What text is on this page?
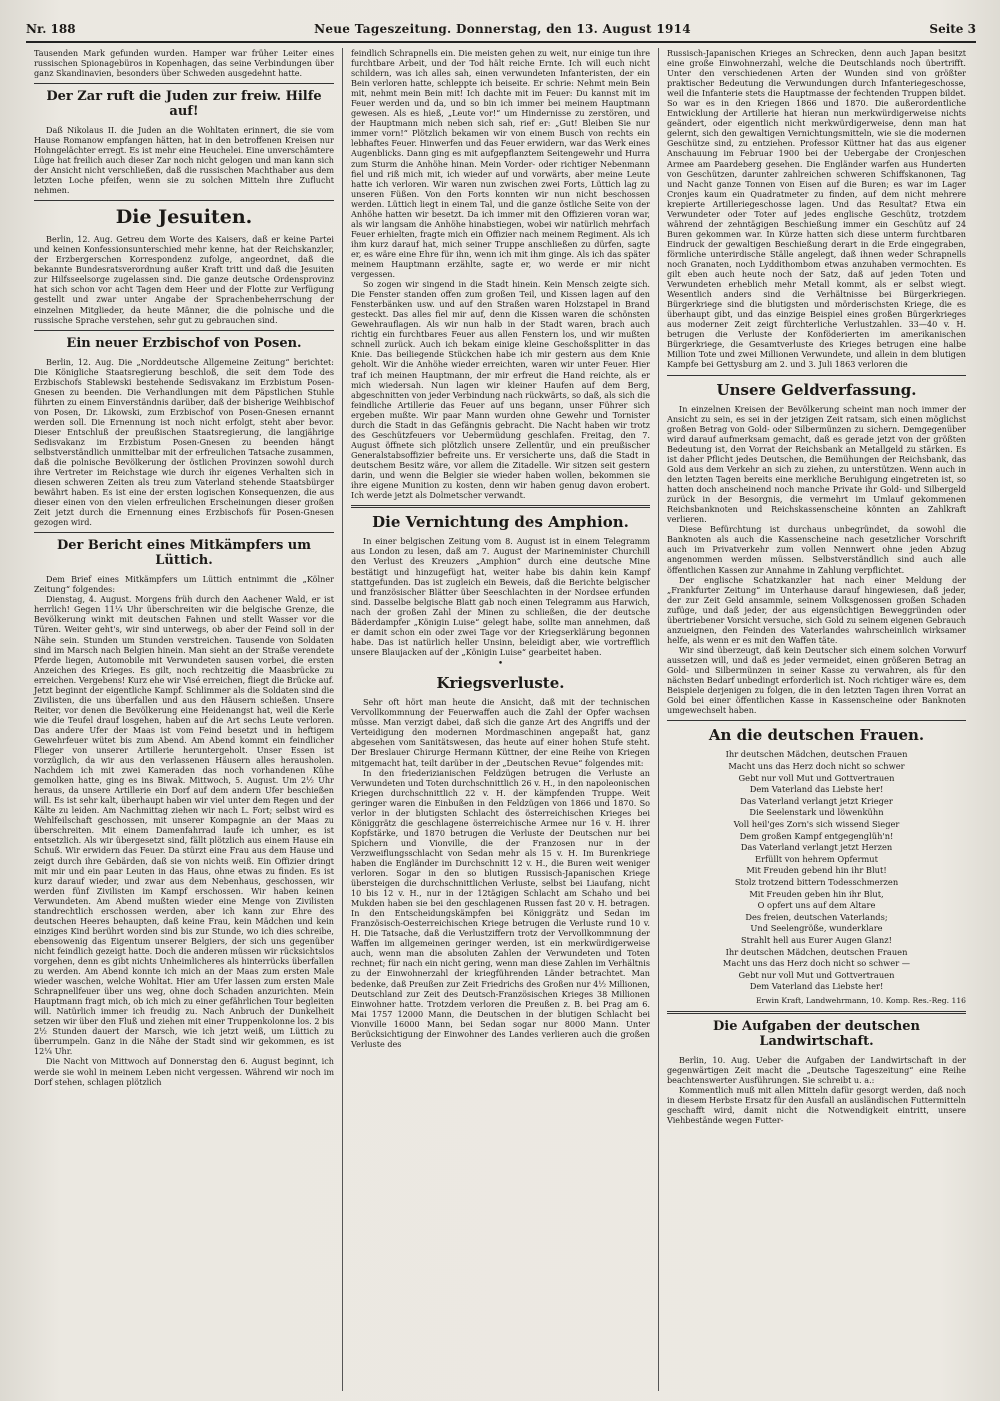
Nr. 188	Neue Tageszeitung. Donnerstag, den 13. August 1914	Seite 3

Tausenden Mark gefunden wurden. Hamper war früher Leiter eines russischen Spionagebüros in Kopenhagen, das seine Verbindungen über ganz Skandinavien, besonders über Schweden ausgedehnt hatte.

Der Zar ruft die Juden zur freiw. Hilfe auf!

Daß Nikolaus II. die Juden an die Wohltaten erinnert, die sie vom Hause Romanow empfangen hätten, hat in den betroffenen Kreisen nur Hohngelächter erregt. Es ist mehr eine Heuchelei. Eine unverschämtere Lüge hat freilich auch dieser Zar noch nicht gelogen und man kann sich der Ansicht nicht verschließen, daß die russischen Machthaber aus dem letzten Loche pfeifen, wenn sie zu solchen Mitteln ihre Zuflucht nehmen.

Die Jesuiten.

Berlin, 12. Aug. Getreu dem Worte des Kaisers, daß er keine Partei und keinen Konfessionsunterschied mehr kenne, hat der Reichskanzler, der Erzbergerschen Korrespondenz zufolge, angeordnet, daß die bekannte Bundesratsverordnung außer Kraft tritt und daß die Jesuiten zur Hilfsseelsorge zugelassen sind. Die ganze deutsche Ordensprovinz hat sich schon vor acht Tagen dem Heer und der Flotte zur Verfügung gestellt und zwar unter Angabe der Sprachenbeherrschung der einzelnen Mitglieder, da heute Männer, die die polnische und die russische Sprache verstehen, sehr gut zu gebrauchen sind.

Ein neuer Erzbischof von Posen.

Berlin, 12. Aug. Die „Norddeutsche Allgemeine Zeitung“ berichtet: Die Königliche Staatsregierung beschloß, die seit dem Tode des Erzbischofs Stablewski bestehende Sedisvakanz im Erzbistum Posen-Gnesen zu beenden. Die Verhandlungen mit dem Päpstlichen Stuhle führten zu einem Einverständnis darüber, daß der bisherige Weihbischof von Posen, Dr. Likowski, zum Erzbischof von Posen-Gnesen ernannt werden soll. Die Ernennung ist noch nicht erfolgt, steht aber bevor. Dieser Entschluß der preußischen Staatsregierung, die langjährige Sedisvakanz im Erzbistum Posen-Gnesen zu beenden hängt selbstverständlich unmittelbar mit der erfreulichen Tatsache zusammen, daß die polnische Bevölkerung der östlichen Provinzen sowohl durch ihre Vertreter im Reichstage wie durch ihr eigenes Verhalten sich in diesen schweren Zeiten als treu zum Vaterland stehende Staatsbürger bewährt haben. Es ist eine der ersten logischen Konsequenzen, die aus dieser einen von den vielen erfreulichen Erscheinungen dieser großen Zeit jetzt durch die Ernennung eines Erzbischofs für Posen-Gnesen gezogen wird.

Der Bericht eines Mitkämpfers um Lüttich.

Dem Brief eines Mitkämpfers um Lüttich entnimmt die „Kölner Zeitung“ folgendes:

Dienstag, 4. August. Morgens früh durch den Aachener Wald, er ist herrlich! Gegen 11¼ Uhr überschreiten wir die belgische Grenze, die Bevölkerung winkt mit deutschen Fahnen und stellt Wasser vor die Türen. Weiter geht's, wir sind unterwegs, ob aber der Feind soll in der Nähe sein. Stunden um Stunden verstreichen. Tausende von Soldaten sind im Marsch nach Belgien hinein. Man sieht an der Straße verendete Pferde liegen, Automobile mit Verwundeten sausen vorbei, die ersten Anzeichen des Krieges. Es gilt, noch rechtzeitig die Maasbrücke zu erreichen. Vergebens! Kurz ehe wir Visé erreichen, fliegt die Brücke auf. Jetzt beginnt der eigentliche Kampf. Schlimmer als die Soldaten sind die Zivilisten, die uns überfallen und aus den Häusern schießen. Unsere Reiter, vor denen die Bevölkerung eine Heidenangst hat, weil die Kerle wie die Teufel drauf losgehen, haben auf die Art sechs Leute verloren. Das andere Ufer der Maas ist vom Feind besetzt und in heftigem Gewehrfeuer wütet bis zum Abend. Am Abend kommt ein feindlicher Flieger von unserer Artillerie heruntergeholt. Unser Essen ist vorzüglich, da wir aus den verlassenen Häusern alles herausholen. Nachdem ich mit zwei Kameraden das noch vorhandenen Kühe gemolken hatte, ging es ins Biwak. Mittwoch, 5. August. Um 2½ Uhr heraus, da unsere Artillerie ein Dorf auf dem andern Ufer beschießen will. Es ist sehr kalt, überhaupt haben wir viel unter dem Regen und der Kälte zu leiden. Am Nachmittag ziehen wir nach L. Fort; selbst wird es Wehlfeilschaft geschossen, mit unserer Kompagnie an der Maas zu überschreiten. Mit einem Damenfahrrad laufe ich umher, es ist entsetzlich. Als wir übergesetzt sind, fällt plötzlich aus einem Hause ein Schuß. Wir erwidern das Feuer. Da stürzt eine Frau aus dem Hause und zeigt durch ihre Gebärden, daß sie von nichts weiß. Ein Offizier dringt mit mir und ein paar Leuten in das Haus, ohne etwas zu finden. Es ist kurz darauf wieder, und zwar aus dem Nebenhaus, geschossen, wir werden fünf Zivilisten im Kampf erschossen. Wir haben keinen Verwundeten. Am Abend mußten wieder eine Menge von Zivilisten standrechtlich erschossen werden, aber ich kann zur Ehre des deutschen Heeres behaupten, daß keine Frau, kein Mädchen und kein einziges Kind berührt worden sind bis zur Stunde, wo ich dies schreibe, ebensowenig das Eigentum unserer Belgiers, der sich uns gegenüber nicht feindlich gezeigt hatte. Doch die anderen müssen wir rücksichtslos vorgehen, denn es gibt nichts Unheimlicheres als hinterrücks überfallen zu werden. Am Abend konnte ich mich an der Maas zum ersten Male wieder waschen, welche Wohltat. Hier am Ufer lassen zum ersten Male Schrapnellfeuer über uns weg, ohne doch Schaden anzurichten. Mein Hauptmann fragt mich, ob ich mich zu einer gefährlichen Tour begleiten will. Natürlich immer ich freudig zu. Nach Anbruch der Dunkelheit setzen wir über den Fluß und ziehen mit einer Truppenkolonne los. 2 bis 2½ Stunden dauert der Marsch, wie ich jetzt weiß, um Lüttich zu überrumpeln. Ganz in die Nähe der Stadt sind wir gekommen, es ist 12¼ Uhr.

Die Nacht von Mittwoch auf Donnerstag den 6. August beginnt, ich werde sie wohl in meinem Leben nicht vergessen. Während wir noch im Dorf stehen, schlagen plötzlich

feindlich Schrapnells ein. Die meisten gehen zu weit, nur einige tun ihre furchtbare Arbeit, und der Tod hält reiche Ernte. Ich will euch nicht schildern, was ich alles sah, einen verwundeten Infanteristen, der ein Bein verloren hatte, schleppte ich beiseite. Er schrie: Nehmt mein Bein mit, nehmt mein Bein mit! Ich dachte mit im Feuer: Du kannst mit im Feuer werden und da, und so bin ich immer bei meinem Hauptmann gewesen. Als es hieß, „Leute vor!“ um Hindernisse zu zerstören, und der Hauptmann mich neben sich sah, rief er: „Gut! Bleiben Sie nur immer vorn!“ Plötzlich bekamen wir von einem Busch von rechts ein lebhaftes Feuer. Hinwerfen und das Feuer erwidern, war das Werk eines Augenblicks. Dann ging es mit aufgepflanztem Seitengewehr und Hurra zum Sturm die Anhöhe hinan. Mein Vorder- oder richtiger Nebenmann fiel und riß mich mit, ich wieder auf und vorwärts, aber meine Leute hatte ich verloren. Wir waren nun zwischen zwei Forts, Lüttich lag zu unseren Füßen. Von den Forts konnten wir nun nicht beschossen werden. Lüttich liegt in einem Tal, und die ganze östliche Seite von der Anhöhe hatten wir besetzt. Da ich immer mit den Offizieren voran war, als wir langsam die Anhöhe hinabstiegen, wobei wir natürlich mehrfach Feuer erhielten, fragte mich ein Offizier nach meinem Regiment. Als ich ihm kurz darauf hat, mich seiner Truppe anschließen zu dürfen, sagte er, es wäre eine Ehre für ihn, wenn ich mit ihm ginge. Als ich das später meinem Hauptmann erzählte, sagte er, wo werde er mir nicht vergessen.

So zogen wir singend in die Stadt hinein. Kein Mensch zeigte sich. Die Fenster standen offen zum großen Teil, und Kissen lagen auf den Fensterbänken usw. und auf den Straßen waren Holzstapel in Brand gesteckt. Das alles fiel mir auf, denn die Kissen waren die schönsten Gewehrauflagen. Als wir nun halb in der Stadt waren, brach auch richtig ein furchtbares Feuer aus allen Fenstern los, und wir mußten schnell zurück. Auch ich bekam einige kleine Geschoßsplitter in das Knie. Das beiliegende Stückchen habe ich mir gestern aus dem Knie geholt. Wir die Anhöhe wieder erreichten, waren wir unter Feuer. Hier traf ich meinen Hauptmann, der mir erfreut die Hand reichte, als er mich wiedersah. Nun lagen wir kleiner Haufen auf dem Berg, abgeschnitten von jeder Verbindung nach rückwärts, so daß, als sich die feindliche Artillerie das Feuer auf uns begann, unser Führer sich ergeben mußte. Wir paar Mann wurden ohne Gewehr und Tornister durch die Stadt in das Gefängnis gebracht. Die Nacht haben wir trotz des Geschützfeuers vor Uebermüdung geschlafen. Freitag, den 7. August öffnete sich plötzlich unsere Zellentür, und ein preußischer Generalstabsoffizier befreite uns. Er versicherte uns, daß die Stadt in deutschem Besitz wäre, vor allem die Zitadelle. Wir sitzen seit gestern darin, und wenn die Belgier sie wieder haben wollen, bekommen sie ihre eigene Munition zu kosten, denn wir haben genug davon erobert. Ich werde jetzt als Dolmetscher verwandt.

Die Vernichtung des Amphion.

In einer belgischen Zeitung vom 8. August ist in einem Telegramm aus London zu lesen, daß am 7. August der Marineminister Churchill den Verlust des Kreuzers „Amphion“ durch eine deutsche Mine bestätigt und hinzugefügt hat, weiter habe bis dahin kein Kampf stattgefunden. Das ist zugleich ein Beweis, daß die Berichte belgischer und französischer Blätter über Seeschlachten in der Nordsee erfunden sind. Dasselbe belgische Blatt gab noch einen Telegramm aus Harwich, nach der großen Zahl der Minen zu schließen, die der deutsche Bäderdampfer „Königin Luise“ gelegt habe, sollte man annehmen, daß er damit schon ein oder zwei Tage vor der Kriegserklärung begonnen habe. Das ist natürlich heller Unsinn, beleidigt aber, wie vortrefflich unsere Blaujacken auf der „Königin Luise“ gearbeitet haben.

•
Kriegsverluste.

Sehr oft hört man heute die Ansicht, daß mit der technischen Vervollkommnung der Feuerwaffen auch die Zahl der Opfer wachsen müsse. Man verzigt dabei, daß sich die ganze Art des Angriffs und der Verteidigung den modernen Mordmaschinen angepaßt hat, ganz abgesehen vom Sanitätswesen, das heute auf einer hohen Stufe steht. Der Breslauer Chirurge Hermann Küttner, der eine Reihe von Kriegen mitgemacht hat, teilt darüber in der „Deutschen Revue“ folgendes mit:

In den friederizianischen Feldzügen betrugen die Verluste an Verwundeten und Toten durchschnittlich 26 v. H., in den napoleonischen Kriegen durchschnittlich 22 v. H. der kämpfenden Truppe. Weit geringer waren die Einbußen in den Feldzügen von 1866 und 1870. So verlor in der blutigsten Schlacht des österreichischen Krieges bei Königgrätz die geschlagene österreichische Armee nur 16 v. H. ihrer Kopfstärke, und 1870 betrugen die Verluste der Deutschen nur bei Spichern und Vionville, die der Franzosen nur in der Verzweiflungsschlacht von Sedan mehr als 15 v. H. Im Burenkriege haben die Engländer im Durchschnitt 12 v. H., die Buren weit weniger verloren. Sogar in den so blutigen Russisch-Japanischen Kriege übersteigen die durchschnittlichen Verluste, selbst bei Liaufang, nicht 10 bis 12 v. H., nur in der 12tägigen Schlacht am Schaho und bei Mukden haben sie bei den geschlagenen Russen fast 20 v. H. betragen. In den Entscheidungskämpfen bei Königgrätz und Sedan im Französisch-Oesterreichischen Kriege betrugen die Verluste rund 10 v. H. Die Tatsache, daß die Verlustziffern trotz der Vervollkommnung der Waffen im allgemeinen geringer werden, ist ein merkwürdigerweise auch, wenn man die absoluten Zahlen der Verwundeten und Toten rechnet; für nach ein nicht gering, wenn man diese Zahlen im Verhältnis zu der Einwohnerzahl der kriegführenden Länder betrachtet. Man bedenke, daß Preußen zur Zeit Friedrichs des Großen nur 4½ Millionen, Deutschland zur Zeit des Deutsch-Französischen Krieges 38 Millionen Einwohner hatte. Trotzdem verloren die Preußen z. B. bei Prag am 6. Mai 1757 12000 Mann, die Deutschen in der blutigen Schlacht bei Vionville 16000 Mann, bei Sedan sogar nur 8000 Mann. Unter Berücksichtigung der Einwohner des Landes verlieren auch die großen Verluste des

Russisch-Japanischen Krieges an Schrecken, denn auch Japan besitzt eine große Einwohnerzahl, welche die Deutschlands noch übertrifft. Unter den verschiedenen Arten der Wunden sind von größter praktischer Bedeutung die Verwundungen durch Infanteriegeschosse, weil die Infanterie stets die Hauptmasse der fechtenden Truppen bildet. So war es in den Kriegen 1866 und 1870. Die außerordentliche Entwicklung der Artillerie hat hieran nun merkwürdigerweise nichts geändert, oder eigentlich nicht merkwürdigerweise, denn man hat gelernt, sich den gewaltigen Vernichtungsmitteln, wie sie die modernen Geschütze sind, zu entziehen. Professor Küttner hat das aus eigener Anschauung im Februar 1900 bei der Uebergabe der Cronjeschen Armee am Paardeberg gesehen. Die Engländer warfen aus Hunderten von Geschützen, darunter zahlreichen schweren Schiffskanonen, Tag und Nacht ganze Tonnen von Eisen auf die Buren; es war im Lager Cronjes kaum ein Quadratmeter zu finden, auf dem nicht mehrere krepierte Artilleriegeschosse lagen. Und das Resultat? Etwa ein Verwundeter oder Toter auf jedes englische Geschütz, trotzdem während der zehntägigen Beschießung immer ein Geschütz auf 24 Buren gekommen war. In Kürze hatten sich diese unterm furchtbaren Eindruck der gewaltigen Beschießung derart in die Erde eingegraben, förmliche unterirdische Ställe angelegt, daß ihnen weder Schrapnells noch Granaten, noch Lyddithombom etwas anzuhaben vermochten. Es gilt eben auch heute noch der Satz, daß auf jeden Toten und Verwundeten erheblich mehr Metall kommt, als er selbst wiegt. Wesentlich anders sind die Verhältnisse bei Bürgerkriegen. Bürgerkriege sind die blutigsten und mörderischsten Kriege, die es überhaupt gibt, und das einzige Beispiel eines großen Bürgerkrieges aus moderner Zeit zeigt fürchterliche Verlustzahlen. 33—40 v. H. betrugen die Verluste der Konföderierten im amerikanischen Bürgerkriege, die Gesamtverluste des Krieges betrugen eine halbe Million Tote und zwei Millionen Verwundete, und allein in dem blutigen Kampfe bei Gettysburg am 2. und 3. Juli 1863 verloren die

Unsere Geldverfassung.

In einzelnen Kreisen der Bevölkerung scheint man noch immer der Ansicht zu sein, es sei in der jetzigen Zeit ratsam, sich einen möglichst großen Betrag von Gold- oder Silbermünzen zu sichern. Demgegenüber wird darauf aufmerksam gemacht, daß es gerade jetzt von der größten Bedeutung ist, den Vorrat der Reichsbank an Metallgeld zu stärken. Es ist daher Pflicht jedes Deutschen, die Bemühungen der Reichsbank, das Gold aus dem Verkehr an sich zu ziehen, zu unterstützen. Wenn auch in den letzten Tagen bereits eine merkliche Beruhigung eingetreten ist, so hatten doch anscheinend noch manche Private ihr Gold- und Silbergeld zurück in der Besorgnis, die vermehrt im Umlauf gekommenen Reichsbanknoten und Reichskassenscheine könnten an Zahlkraft verlieren.

Diese Befürchtung ist durchaus unbegründet, da sowohl die Banknoten als auch die Kassenscheine nach gesetzlicher Vorschrift auch im Privatverkehr zum vollen Nennwert ohne jeden Abzug angenommen werden müssen. Selbstverständlich sind auch alle öffentlichen Kassen zur Annahme in Zahlung verpflichtet.

Der englische Schatzkanzler hat nach einer Meldung der „Frankfurter Zeitung“ im Unterhause darauf hingewiesen, daß jeder, der zur Zeit Geld ansammle, seinem Volksgenossen großen Schaden zufüge, und daß jeder, der aus eigensüchtigen Beweggründen oder übertriebener Vorsicht versuche, sich Gold zu seinem eigenen Gebrauch anzueignen, den Feinden des Vaterlandes wahrscheinlich wirksamer helfe, als wenn er es mit den Waffen täte.

Wir sind überzeugt, daß kein Deutscher sich einem solchen Vorwurf aussetzen will, und daß es jeder vermeidet, einen größeren Betrag an Gold- und Silbermünzen in seiner Kasse zu verwahren, als für den nächsten Bedarf unbedingt erforderlich ist. Noch richtiger wäre es, dem Beispiele derjenigen zu folgen, die in den letzten Tagen ihren Vorrat an Gold bei einer öffentlichen Kasse in Kassenscheine oder Banknoten umgewechselt haben.

An die deutschen Frauen.
Ihr deutschen Mädchen, deutschen Frauen
Macht uns das Herz doch nicht so schwer
Gebt nur voll Mut und Gottvertrauen
Dem Vaterland das Liebste her!
Das Vaterland verlangt jetzt Krieger
Die Seelenstark und löwenkühn
Voll heil'ges Zorn's sich wissend Sieger
Dem großen Kampf entgegenglüh'n!
Das Vaterland verlangt jetzt Herzen
Erfüllt von hehrem Opfermut
Mit Freuden gebend hin ihr Blut!
Stolz trotzend bittern Todesschmerzen
Mit Freuden geben hin ihr Blut,
O opfert uns auf dem Altare
Des freien, deutschen Vaterlands;
Und Seelengröße, wunderklare
Strahlt hell aus Eurer Augen Glanz!
Ihr deutschen Mädchen, deutschen Frauen
Macht uns das Herz doch nicht so schwer —
Gebt nur voll Mut und Gottvertrauen
Dem Vaterland das Liebste her!
Erwin Kraft, Landwehrmann, 10. Komp. Res.-Reg. 116
Die Aufgaben der deutschen Landwirtschaft.

Berlin, 10. Aug. Ueber die Aufgaben der Landwirtschaft in der gegenwärtigen Zeit macht die „Deutsche Tageszeitung“ eine Reihe beachtenswerter Ausführungen. Sie schreibt u. a.:

Kommentlich muß mit allen Mitteln dafür gesorgt werden, daß noch in diesem Herbste Ersatz für den Ausfall an ausländischen Futtermitteln geschafft wird, damit nicht die Notwendigkeit eintritt, unsere Viehbestände wegen Futter-
